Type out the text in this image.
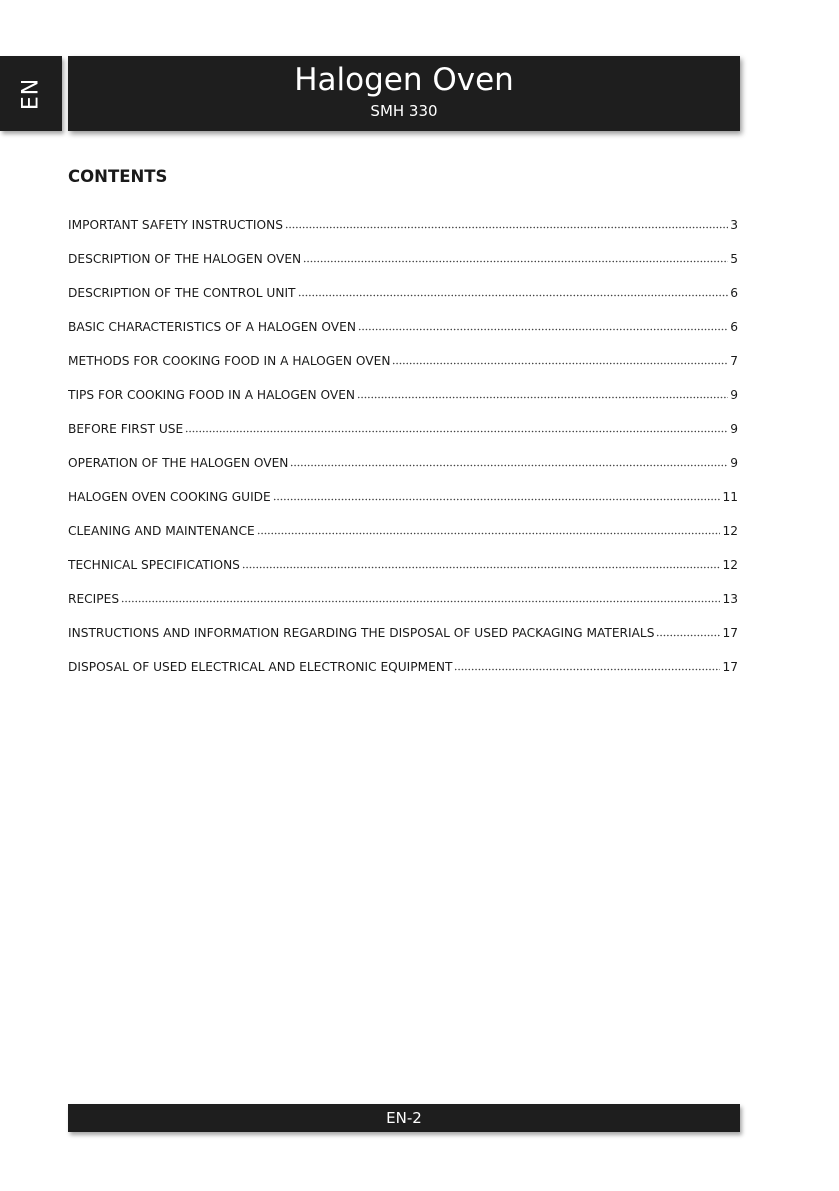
EN	Halogen Oven
SMH 330
CONTENTS
IMPORTANT SAFETY INSTRUCTIONS	3
DESCRIPTION OF THE HALOGEN OVEN	5
DESCRIPTION OF THE CONTROL UNIT	6
BASIC CHARACTERISTICS OF A HALOGEN OVEN	6
METHODS FOR COOKING FOOD IN A HALOGEN OVEN	7
TIPS FOR COOKING FOOD IN A HALOGEN OVEN	9
BEFORE FIRST USE	9
OPERATION OF THE HALOGEN OVEN	9
HALOGEN OVEN COOKING GUIDE	11
CLEANING AND MAINTENANCE	12
TECHNICAL SPECIFICATIONS	12
RECIPES	13
INSTRUCTIONS AND INFORMATION REGARDING THE DISPOSAL OF USED PACKAGING MATERIALS	17
DISPOSAL OF USED ELECTRICAL AND ELECTRONIC EQUIPMENT	17
EN-2
